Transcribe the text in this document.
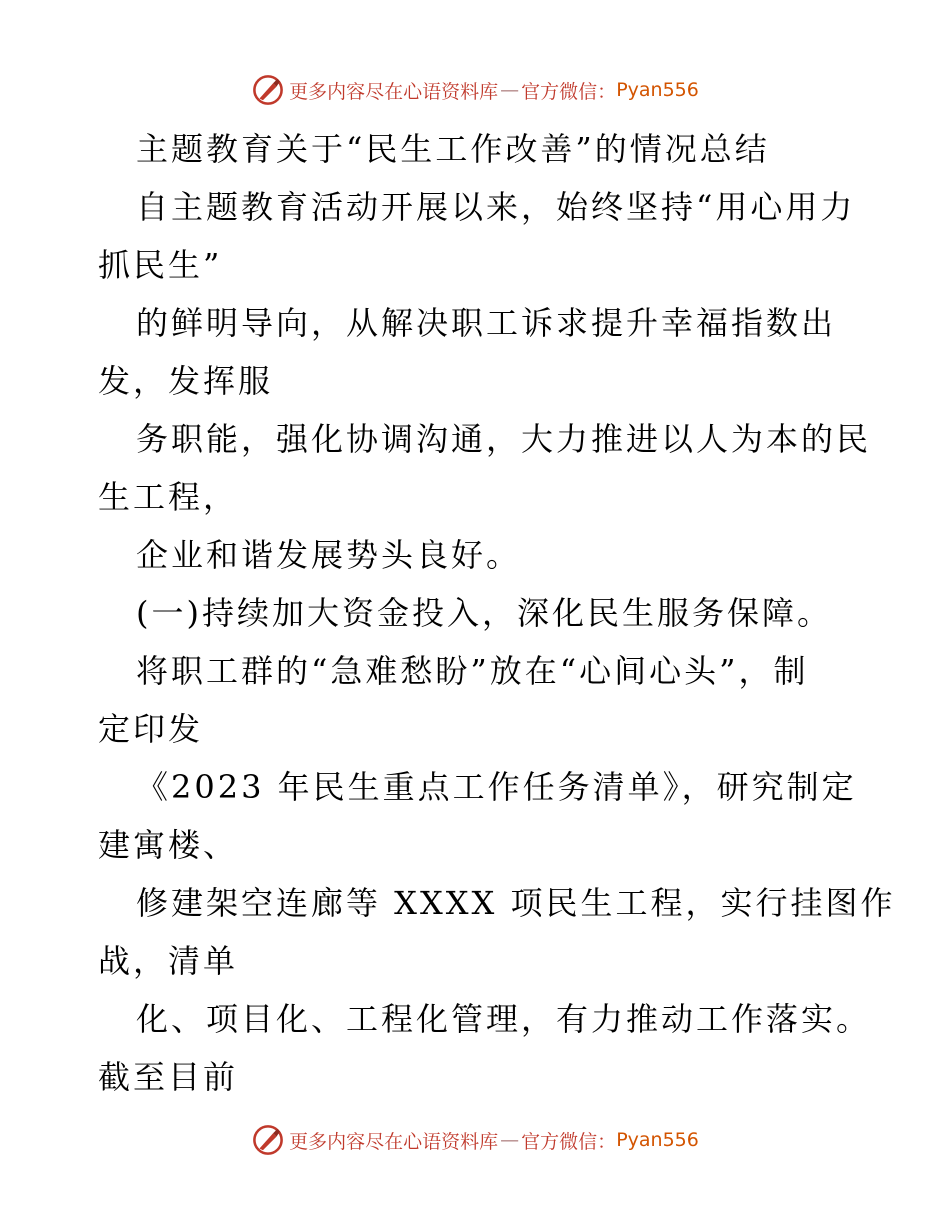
更多内容尽在心语资料库 — 官方微信： Pyan556
主题教育关于“民生工作改善”的情况总结
自主题教育活动开展以来，始终坚持“用心用力
抓民生”
的鲜明导向，从解决职工诉求提升幸福指数出
发，发挥服
务职能，强化协调沟通，大力推进以人为本的民
生工程，
企业和谐发展势头良好。
(一)持续加大资金投入，深化民生服务保障。
将职工群的“急难愁盼”放在“心间心头”，制
定印发
《2023 年民生重点工作任务清单》，研究制定
建寓楼、
修建架空连廊等 XXXX 项民生工程，实行挂图作
战，清单
化、项目化、工程化管理，有力推动工作落实。
截至目前
更多内容尽在心语资料库 — 官方微信： Pyan556
